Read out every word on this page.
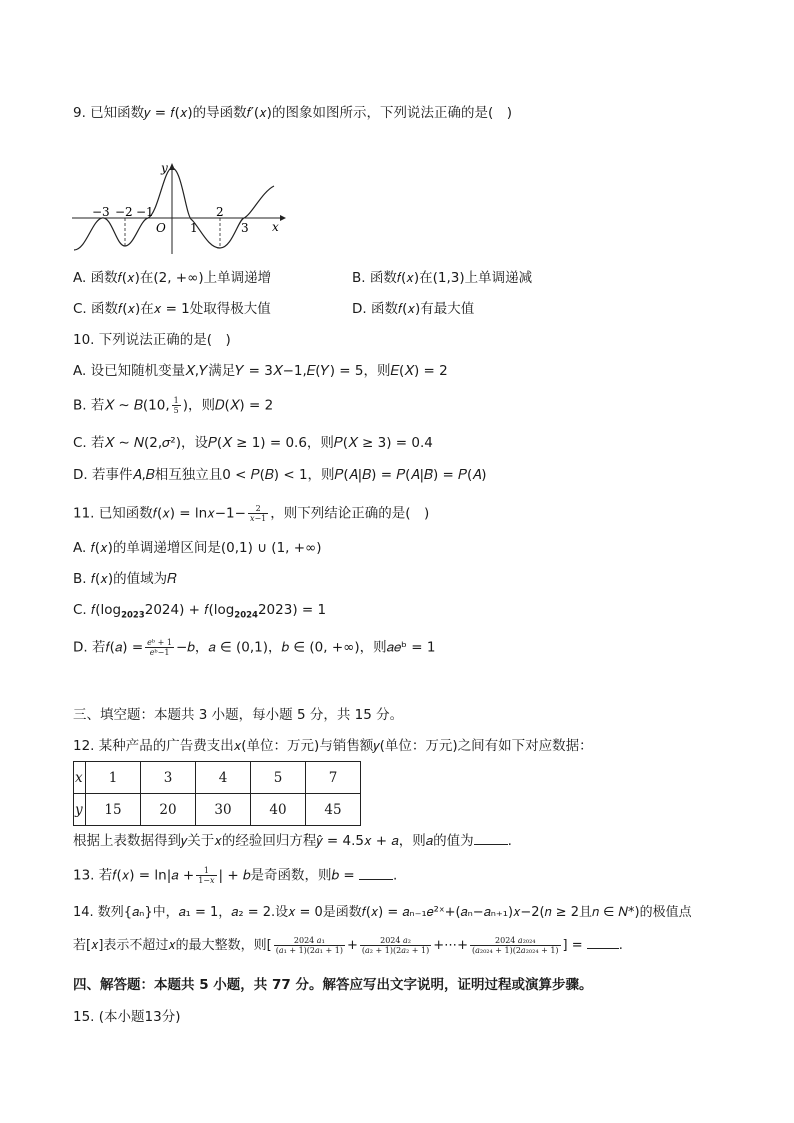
9. 已知函数𝑦 = 𝑓(𝑥)的导函数𝑓′(𝑥)的图象如图所示，下列说法正确的是(　)
y
x
O
−3 −2 −1
1
2
3
A. 函数𝑓(𝑥)在(2, +∞)上单调递增	B. 函数𝑓(𝑥)在(1,3)上单调递减
C. 函数𝑓(𝑥)在𝑥 = 1处取得极大值	D. 函数𝑓(𝑥)有最大值
10. 下列说法正确的是(　)
A. 设已知随机变量𝑋,𝑌满足𝑌 = 3𝑋−1,𝐸(𝑌) = 5，则𝐸(𝑋) = 2
B. 若𝑋 ∼ 𝐵(10, $\frac{1}{5}$ )，则𝐷(𝑋) = 2
C. 若𝑋 ∼ 𝑁(2,𝜎²)，设𝑃(𝑋 ≥ 1) = 0.6，则𝑃(𝑋 ≥ 3) = 0.4
D. 若事件𝐴,𝐵相互独立且0 < 𝑃(𝐵) < 1，则𝑃(𝐴|𝐵) = 𝑃(𝐴|𝐵̄) = 𝑃(𝐴)
11. 已知函数𝑓(𝑥) = ln𝑥−1− $\frac{2}{\text{𝑥−1}}$ ，则下列结论正确的是(　)
A. 𝑓(𝑥)的单调递增区间是(0,1) ∪ (1, +∞)
B. 𝑓(𝑥)的值域为𝑅
C. $𝑓(\log_{2023}2024)$ + $𝑓(\log_{2024}2023) = 1$
D. 若𝑓(𝑎) = $\frac{\text{𝑒ᵇ + 1}}{\text{𝑒ᵇ−1}}$ −𝑏，𝑎 ∈ (0,1)，𝑏 ∈ (0, +∞)，则𝑎𝑒ᵇ = 1
三、填空题：本题共 3 小题，每小题 5 分，共 15 分。
12. 某种产品的广告费支出𝑥(单位：万元)与销售额𝑦(单位：万元)之间有如下对应数据：
x	1	3	4	5	7
y	15	20	30	40	45
根据上表数据得到𝑦关于𝑥的经验回归方程𝑦̂ = 4.5𝑥 + 𝑎，则𝑎的值为	.
13. 若𝑓(𝑥) = ln|𝑎 + $\frac{1}{\text{1−𝑥}}$ | + 𝑏是奇函数，则𝑏 =	.
14. 数列{𝑎ₙ}中，𝑎₁ = 1，𝑎₂ = 2.设𝑥 = 0是函数𝑓(𝑥) = 𝑎ₙ₋₁𝑒²ˣ+(𝑎ₙ−𝑎ₙ₊₁)𝑥−2(𝑛 ≥ 2且𝑛 ∈ 𝑁*)的极值点
若[𝑥]表示不超过𝑥的最大整数，则[ $\frac{\text{2024 𝑎₁}}{\text{(𝑎₁ + 1)(2𝑎₁ + 1)}} + \frac{\text{2024 𝑎₂}}{\text{(𝑎₂ + 1)(2𝑎₂ + 1)}}$ +⋯+ $\frac{\text{2024 𝑎₂₀₂₄}}{\text{(𝑎₂₀₂₄ + 1)(2𝑎₂₀₂₄ + 1)}}$ ] =	.
四、解答题：本题共 5 小题，共 77 分。解答应写出文字说明，证明过程或演算步骤。
15. (本小题13分)
